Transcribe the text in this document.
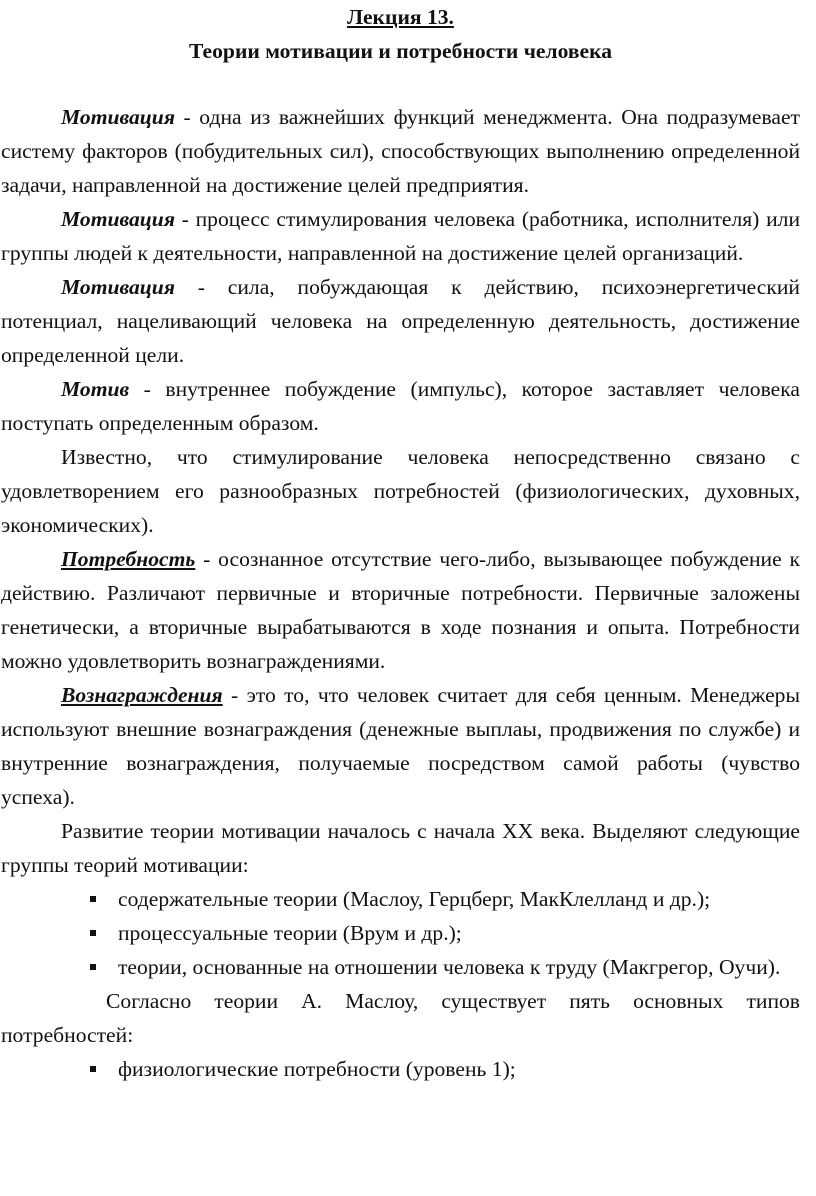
Лекция 13.
Теории мотивации и потребности человека

Мотивация - одна из важнейших функций менеджмента. Она подразумевает систему факторов (побудительных сил), способствующих выполнению определенной задачи, направленной на достижение целей предприятия.

Мотивация - процесс стимулирования человека (работника, исполнителя) или группы людей к деятельности, направленной на достижение целей организаций.

Мотивация - сила, побуждающая к действию, психоэнергетический потенциал, нацеливающий человека на определенную деятельность, достижение определенной цели.

Мотив - внутреннее побуждение (импульс), которое заставляет человека поступать определенным образом.

Известно, что стимулирование человека непосредственно связано с удовлетворением его разнообразных потребностей (физиологических, духовных, экономических).

Потребность - осознанное отсутствие чего-либо, вызывающее побуждение к действию. Различают первичные и вторичные потребности. Первичные заложены генетически, а вторичные вырабатываются в ходе познания и опыта. Потребности можно удовлетворить вознаграждениями.

Вознаграждения - это то, что человек считает для себя ценным. Менеджеры используют внешние вознаграждения (денежные выплаы, продвижения по службе) и внутренние вознаграждения, получаемые посредством самой работы (чувство успеха).

Развитие теории мотивации началось с начала XX века. Выделяют следующие группы теорий мотивации:

содержательные теории (Маслоу, Герцберг, МакКлелланд и др.);
процессуальные теории (Врум и др.);
теории, основанные на отношении человека к труду (Макгрегор, Оучи).

Согласно теории А. Маслоу, существует пять основных типов потребностей:

физиологические потребности (уровень 1);
